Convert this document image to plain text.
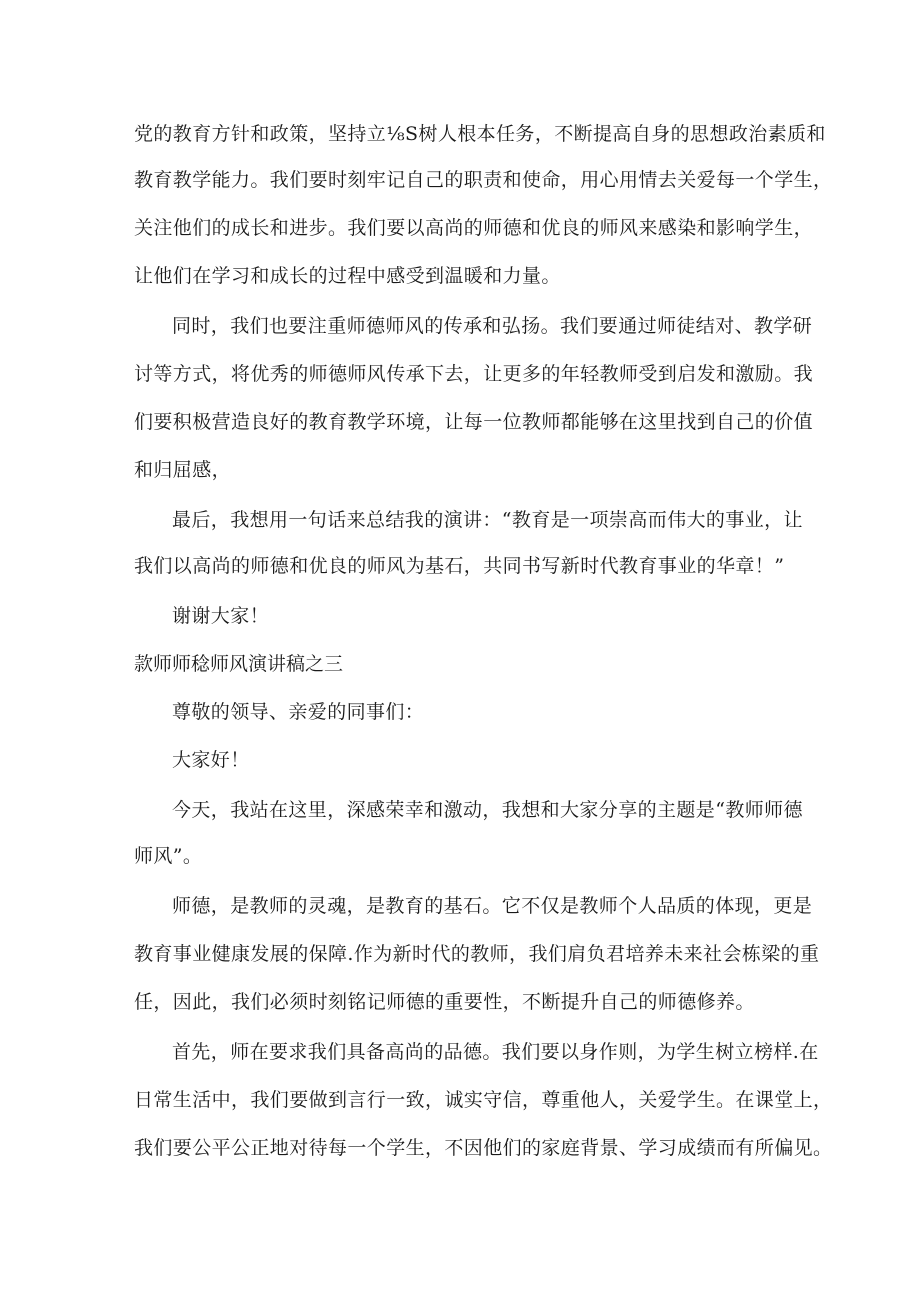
党的教育方针和政策，坚持立⅛S树人根本任务，不断提高自身的思想政治素质和
教育教学能力。我们要时刻牢记自己的职责和使命，用心用情去关爱每一个学生，
关注他们的成长和进步。我们要以高尚的师德和优良的师风来感染和影响学生，
让他们在学习和成长的过程中感受到温暖和力量。
同时，我们也要注重师德师风的传承和弘扬。我们要通过师徒结对、教学研
讨等方式，将优秀的师德师风传承下去，让更多的年轻教师受到启发和激励。我
们要积极营造良好的教育教学环境，让每一位教师都能够在这里找到自己的价值
和归屈感，
最后，我想用一句话来总结我的演讲：“教育是一项崇高而伟大的事业，让
我们以高尚的师德和优良的师风为基石，共同书写新时代教育事业的华章！”
谢谢大家！
款师师稔师风演讲稿之三
尊敬的领导、亲爱的同事们：
大家好！
今天，我站在这里，深感荣幸和激动，我想和大家分享的主题是“教师师德
师风”。
师德，是教师的灵魂，是教育的基石。它不仅是教师个人品质的体现，更是
教育事业健康发展的保障.作为新时代的教师，我们肩负君培养未来社会栋梁的重
任，因此，我们必须时刻铭记师德的重要性，不断提升自己的师德修养。
首先，师在要求我们具备高尚的品德。我们要以身作则，为学生树立榜样.在
日常生活中，我们要做到言行一致，诚实守信，尊重他人，关爱学生。在课堂上，
我们要公平公正地对待每一个学生，不因他们的家庭背景、学习成绩而有所偏见。
